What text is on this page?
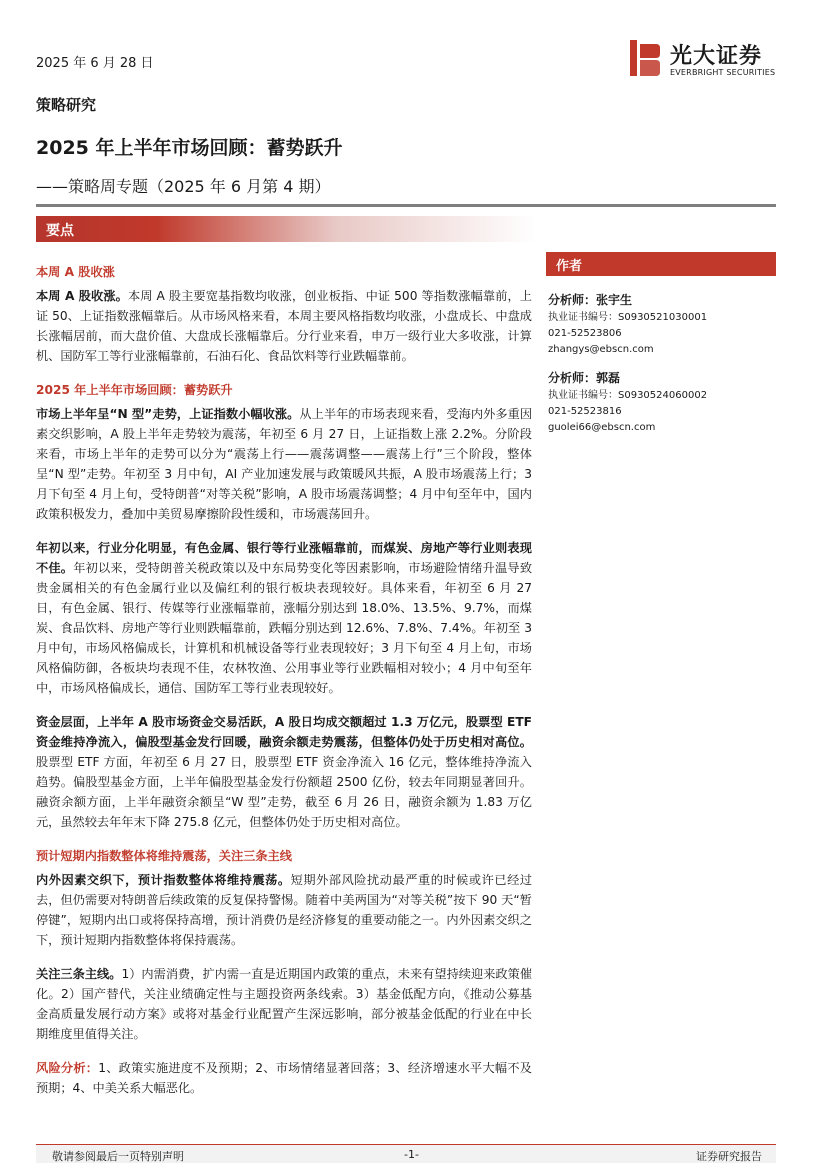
2025 年 6 月 28 日	光大证券
EVERBRIGHT SECURITIES
策略研究
2025 年上半年市场回顾：蓄势跃升
——策略周专题（2025 年 6 月第 4 期）
要点
作者
分析师：张宇生
执业证书编号：S0930521030001
021-52523806
zhangys@ebscn.com
分析师：郭磊
执业证书编号：S0930524060002
021-52523816
guolei66@ebscn.com
本周 A 股收涨

本周 A 股收涨。本周 A 股主要宽基指数均收涨，创业板指、中证 500 等指数涨幅靠前，上证 50、上证指数涨幅靠后。从市场风格来看，本周主要风格指数均收涨，小盘成长、中盘成长涨幅居前，而大盘价值、大盘成长涨幅靠后。分行业来看，申万一级行业大多收涨，计算机、国防军工等行业涨幅靠前，石油石化、食品饮料等行业跌幅靠前。

2025 年上半年市场回顾：蓄势跃升

市场上半年呈“N 型”走势，上证指数小幅收涨。从上半年的市场表现来看，受海内外多重因素交织影响，A 股上半年走势较为震荡，年初至 6 月 27 日，上证指数上涨 2.2%。分阶段来看，市场上半年的走势可以分为“震荡上行——震荡调整——震荡上行”三个阶段，整体呈“N 型”走势。年初至 3 月中旬，AI 产业加速发展与政策暖风共振，A 股市场震荡上行；3 月下旬至 4 月上旬，受特朗普“对等关税”影响，A 股市场震荡调整；4 月中旬至年中，国内政策积极发力，叠加中美贸易摩擦阶段性缓和，市场震荡回升。

年初以来，行业分化明显，有色金属、银行等行业涨幅靠前，而煤炭、房地产等行业则表现不佳。年初以来，受特朗普关税政策以及中东局势变化等因素影响，市场避险情绪升温导致贵金属相关的有色金属行业以及偏红利的银行板块表现较好。具体来看，年初至 6 月 27 日，有色金属、银行、传媒等行业涨幅靠前，涨幅分别达到 18.0%、13.5%、9.7%，而煤炭、食品饮料、房地产等行业则跌幅靠前，跌幅分别达到 12.6%、7.8%、7.4%。年初至 3 月中旬，市场风格偏成长，计算机和机械设备等行业表现较好；3 月下旬至 4 月上旬，市场风格偏防御，各板块均表现不佳，农林牧渔、公用事业等行业跌幅相对较小；4 月中旬至年中，市场风格偏成长，通信、国防军工等行业表现较好。

资金层面，上半年 A 股市场资金交易活跃，A 股日均成交额超过 1.3 万亿元，股票型 ETF 资金维持净流入，偏股型基金发行回暖，融资余额走势震荡，但整体仍处于历史相对高位。股票型 ETF 方面，年初至 6 月 27 日，股票型 ETF 资金净流入 16 亿元，整体维持净流入趋势。偏股型基金方面，上半年偏股型基金发行份额超 2500 亿份，较去年同期显著回升。融资余额方面，上半年融资余额呈“W 型”走势，截至 6 月 26 日，融资余额为 1.83 万亿元，虽然较去年年末下降 275.8 亿元，但整体仍处于历史相对高位。

预计短期内指数整体将维持震荡，关注三条主线

内外因素交织下，预计指数整体将维持震荡。短期外部风险扰动最严重的时候或许已经过去，但仍需要对特朗普后续政策的反复保持警惕。随着中美两国为“对等关税”按下 90 天“暂停键”，短期内出口或将保持高增，预计消费仍是经济修复的重要动能之一。内外因素交织之下，预计短期内指数整体将保持震荡。

关注三条主线。1）内需消费，扩内需一直是近期国内政策的重点，未来有望持续迎来政策催化。2）国产替代，关注业绩确定性与主题投资两条线索。3）基金低配方向，《推动公募基金高质量发展行动方案》或将对基金行业配置产生深远影响，部分被基金低配的行业在中长期维度里值得关注。

风险分析：1、政策实施进度不及预期；2、市场情绪显著回落；3、经济增速水平大幅不及预期；4、中美关系大幅恶化。

敬请参阅最后一页特别声明	-1-	证券研究报告
